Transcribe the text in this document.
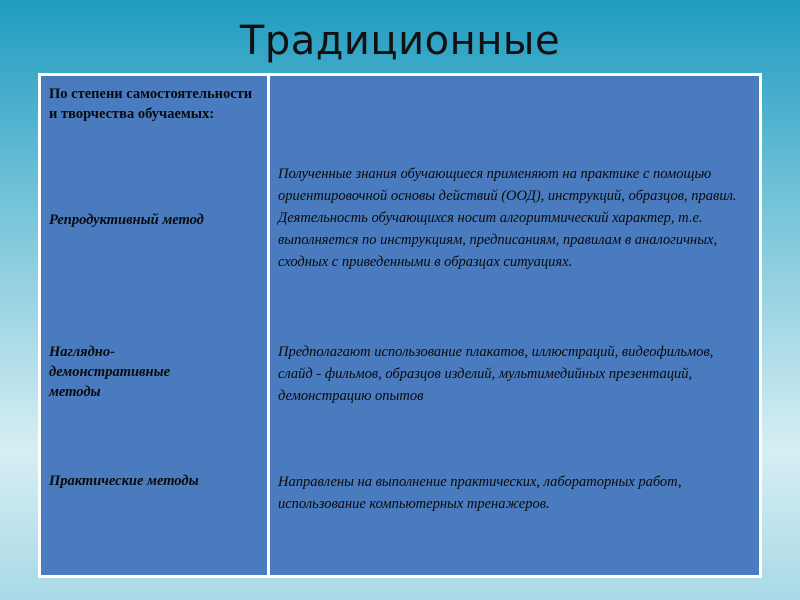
Традиционные
По степени самостоятельности и творчества обучаемых:
Репродуктивный метод
Наглядно-демонстративные методы
Практические методы
Полученные знания обучающиеся применяют на практике с помощью ориентировочной основы действий (ООД), инструкций, образцов, правил. Деятельность обучающихся носит алгоритмический характер, т.е. выполняется по инструкциям, предписаниям, правилам в аналогичных, сходных с приведенными в образцах ситуациях.
Предполагают использование плакатов, иллюстраций, видеофильмов, слайд - фильмов, образцов изделий, мультимедийных презентаций, демонстрацию опытов
Направлены на выполнение практических, лабораторных работ, использование компьютерных тренажеров.
